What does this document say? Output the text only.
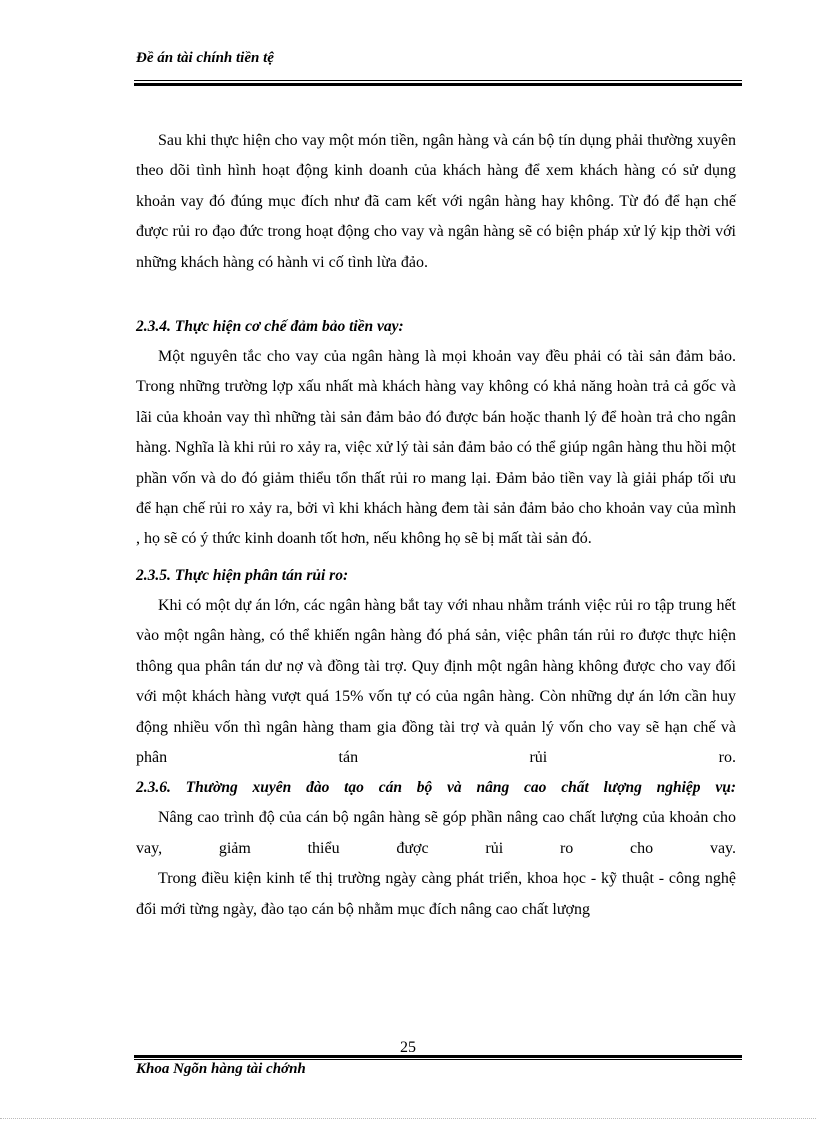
Đề án tài chính tiền tệ

Sau khi thực hiện cho vay một món tiền, ngân hàng và cán bộ tín dụng phải thường xuyên theo dõi tình hình hoạt động kinh doanh của khách hàng để xem khách hàng có sử dụng khoản vay đó đúng mục đích như đã cam kết với ngân hàng hay không. Từ đó để hạn chế được rủi ro đạo đức trong hoạt động cho vay và ngân hàng sẽ có biện pháp xử lý kịp thời với những khách hàng có hành vi cố tình lừa đảo.

2.3.4. Thực hiện cơ chế đảm bảo tiền vay:

Một nguyên tắc cho vay của ngân hàng là mọi khoản vay đều phải có tài sản đảm bảo. Trong những trường lợp xấu nhất mà khách hàng vay không có khả năng hoàn trả cả gốc và lãi của khoản vay thì những tài sản đảm bảo đó được bán hoặc thanh lý để hoàn trả cho ngân hàng. Nghĩa là khi rủi ro xảy ra, việc xử lý tài sản đảm bảo có thể giúp ngân hàng thu hồi một phần vốn và do đó giảm thiểu tổn thất rủi ro mang lại. Đảm bảo tiền vay là giải pháp tối ưu để hạn chế rủi ro xảy ra, bởi vì khi khách hàng đem tài sản đảm bảo cho khoản vay của mình , họ sẽ có ý thức kinh doanh tốt hơn, nếu không họ sẽ bị mất tài sản đó.

2.3.5. Thực hiện phân tán rủi ro:

Khi có một dự án lớn, các ngân hàng bắt tay với nhau nhằm tránh việc rủi ro tập trung hết vào một ngân hàng, có thể khiến ngân hàng đó phá sản, việc phân tán rủi ro được thực hiện thông qua phân tán dư nợ và đồng tài trợ. Quy định một ngân hàng không được cho vay đối với một khách hàng vượt quá 15% vốn tự có của ngân hàng. Còn những dự án lớn cần huy động nhiều vốn thì ngân hàng tham gia đồng tài trợ và quản lý vốn cho vay sẽ hạn chế và phân tán rủi ro.

2.3.6. Thường xuyên đào tạo cán bộ và nâng cao chất lượng nghiệp vụ:

Nâng cao trình độ của cán bộ ngân hàng sẽ góp phần nâng cao chất lượng của khoản cho vay, giảm thiểu được rủi ro cho vay.

Trong điều kiện kinh tế thị trường ngày càng phát triển, khoa học - kỹ thuật - công nghệ đổi mới từng ngày, đào tạo cán bộ nhằm mục đích nâng cao chất lượng

25
Khoa Ngõn hàng tài chớnh
